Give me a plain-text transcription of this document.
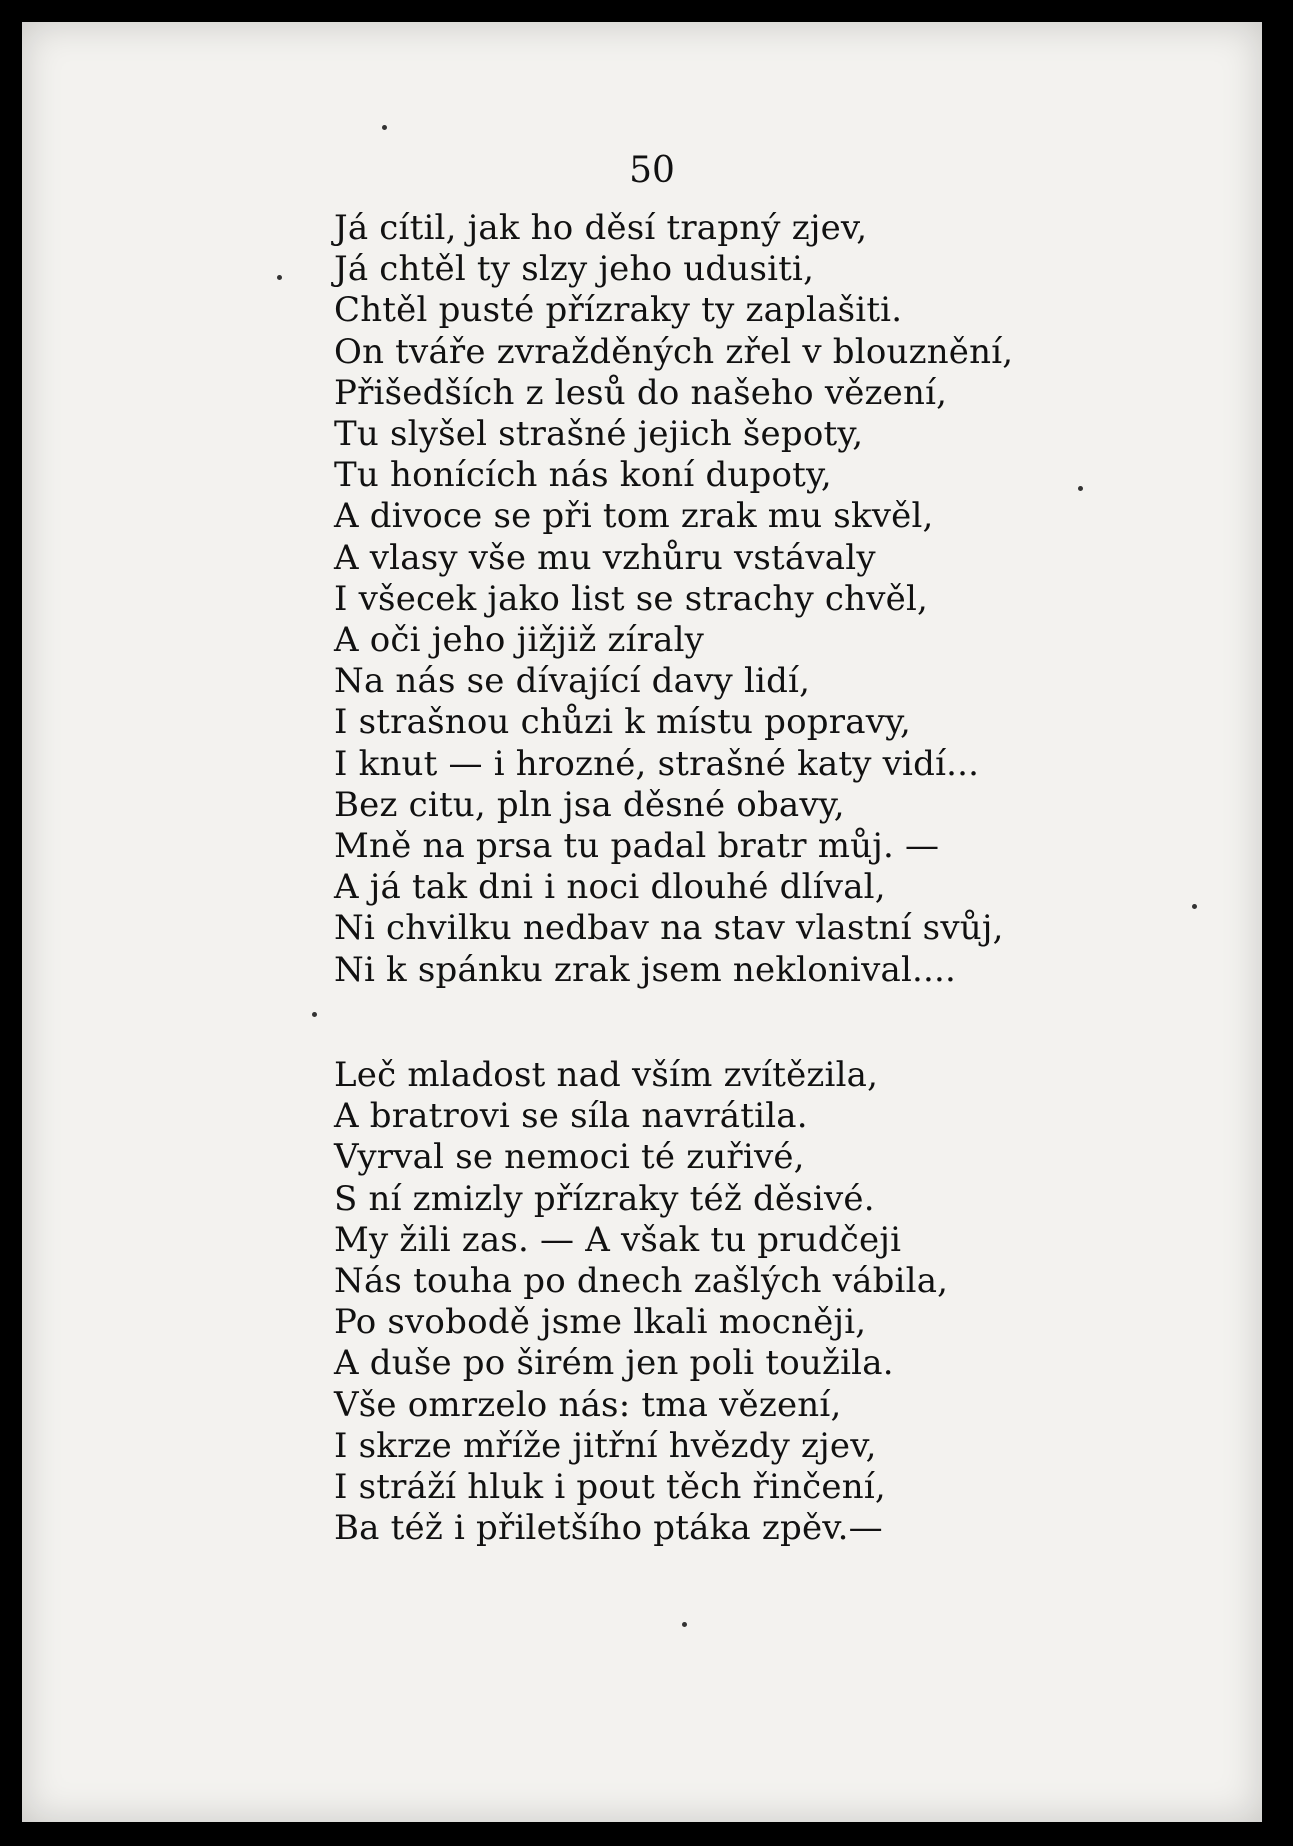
50
Já cítil, jak ho děsí trapný zjev,
Já chtěl ty slzy jeho udusiti,
Chtěl pusté přízraky ty zaplašiti.
On tváře zvražděných zřel v blouznění,
Přišedších z lesů do našeho vězení,
Tu slyšel strašné jejich šepoty,
Tu honících nás koní dupoty,
A divoce se při tom zrak mu skvěl,
A vlasy vše mu vzhůru vstávaly
I všecek jako list se strachy chvěl,
A oči jeho jižjiž zíraly
Na nás se dívající davy lidí,
I strašnou chůzi k místu popravy,
I knut — i hrozné, strašné katy vidí...
Bez citu, pln jsa děsné obavy,
Mně na prsa tu padal bratr můj. —
A já tak dni i noci dlouhé dlíval,
Ni chvilku nedbav na stav vlastní svůj,
Ni k spánku zrak jsem neklonival....
Leč mladost nad vším zvítězila,
A bratrovi se síla navrátila.
Vyrval se nemoci té zuřivé,
S ní zmizly přízraky též děsivé.
My žili zas. — A však tu prudčeji
Nás touha po dnech zašlých vábila,
Po svobodě jsme lkali mocněji,
A duše po širém jen poli toužila.
Vše omrzelo nás: tma vězení,
I skrze mříže jitřní hvězdy zjev,
I stráží hluk i pout těch řinčení,
Ba též i přiletšího ptáka zpěv.—
